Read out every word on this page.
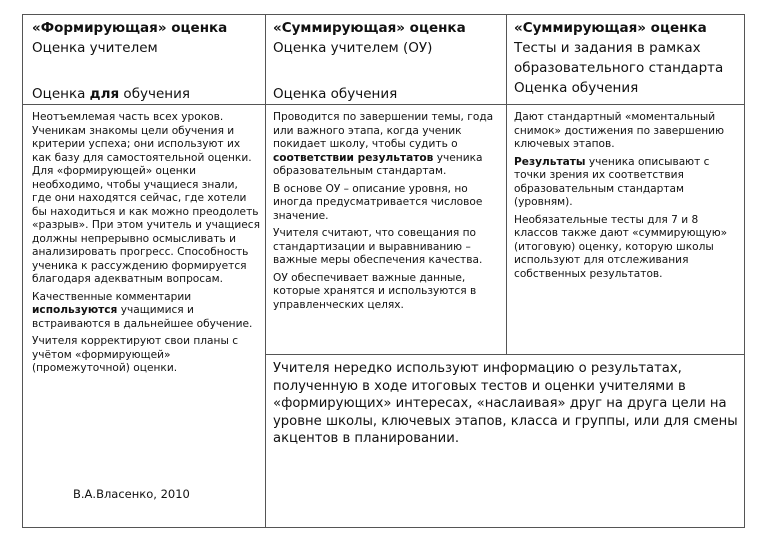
«Формирующая» оценка
Оценка учителем
Оценка для обучения
«Суммирующая» оценка
Оценка учителем (ОУ)
Оценка обучения
«Суммирующая» оценка
Тесты и задания в рамках образовательного стандарта
Оценка обучения

Неотъемлемая часть всех уроков. Ученикам знакомы цели обучения и критерии успеха; они используют их как базу для самостоятельной оценки. Для «формирующей» оценки необходимо, чтобы учащиеся знали, где они находятся сейчас, где хотели бы находиться и как можно преодолеть «разрыв». При этом учитель и учащиеся должны непрерывно осмысливать и анализировать прогресс. Способность ученика к рассуждению формируется благодаря адекватным вопросам.

Качественные комментарии используются учащимися и встраиваются в дальнейшее обучение.

Учителя корректируют свои планы с учётом «формирующей» (промежуточной) оценки.

В.А.Власенко, 2010

Проводится по завершении темы, года или важного этапа, когда ученик покидает школу, чтобы судить о соответствии результатов ученика образовательным стандартам.

В основе ОУ – описание уровня, но иногда предусматривается числовое значение.

Учителя считают, что совещания по стандартизации и выравниванию – важные меры обеспечения качества.

ОУ обеспечивает важные данные, которые хранятся и используются в управленческих целях.

Дают стандартный «моментальный снимок» достижения по завершению ключевых этапов.

Результаты ученика описывают с точки зрения их соответствия образовательным стандартам (уровням).

Необязательные тесты для 7 и 8 классов также дают «суммирующую» (итоговую) оценку, которую школы используют для отслеживания собственных результатов.

Учителя нередко используют информацию о результатах, полученную в ходе итоговых тестов и оценки учителями в «формирующих» интересах, «наслаивая» друг на друга цели на уровне школы, ключевых этапов, класса и группы, или для смены акцентов в планировании.
